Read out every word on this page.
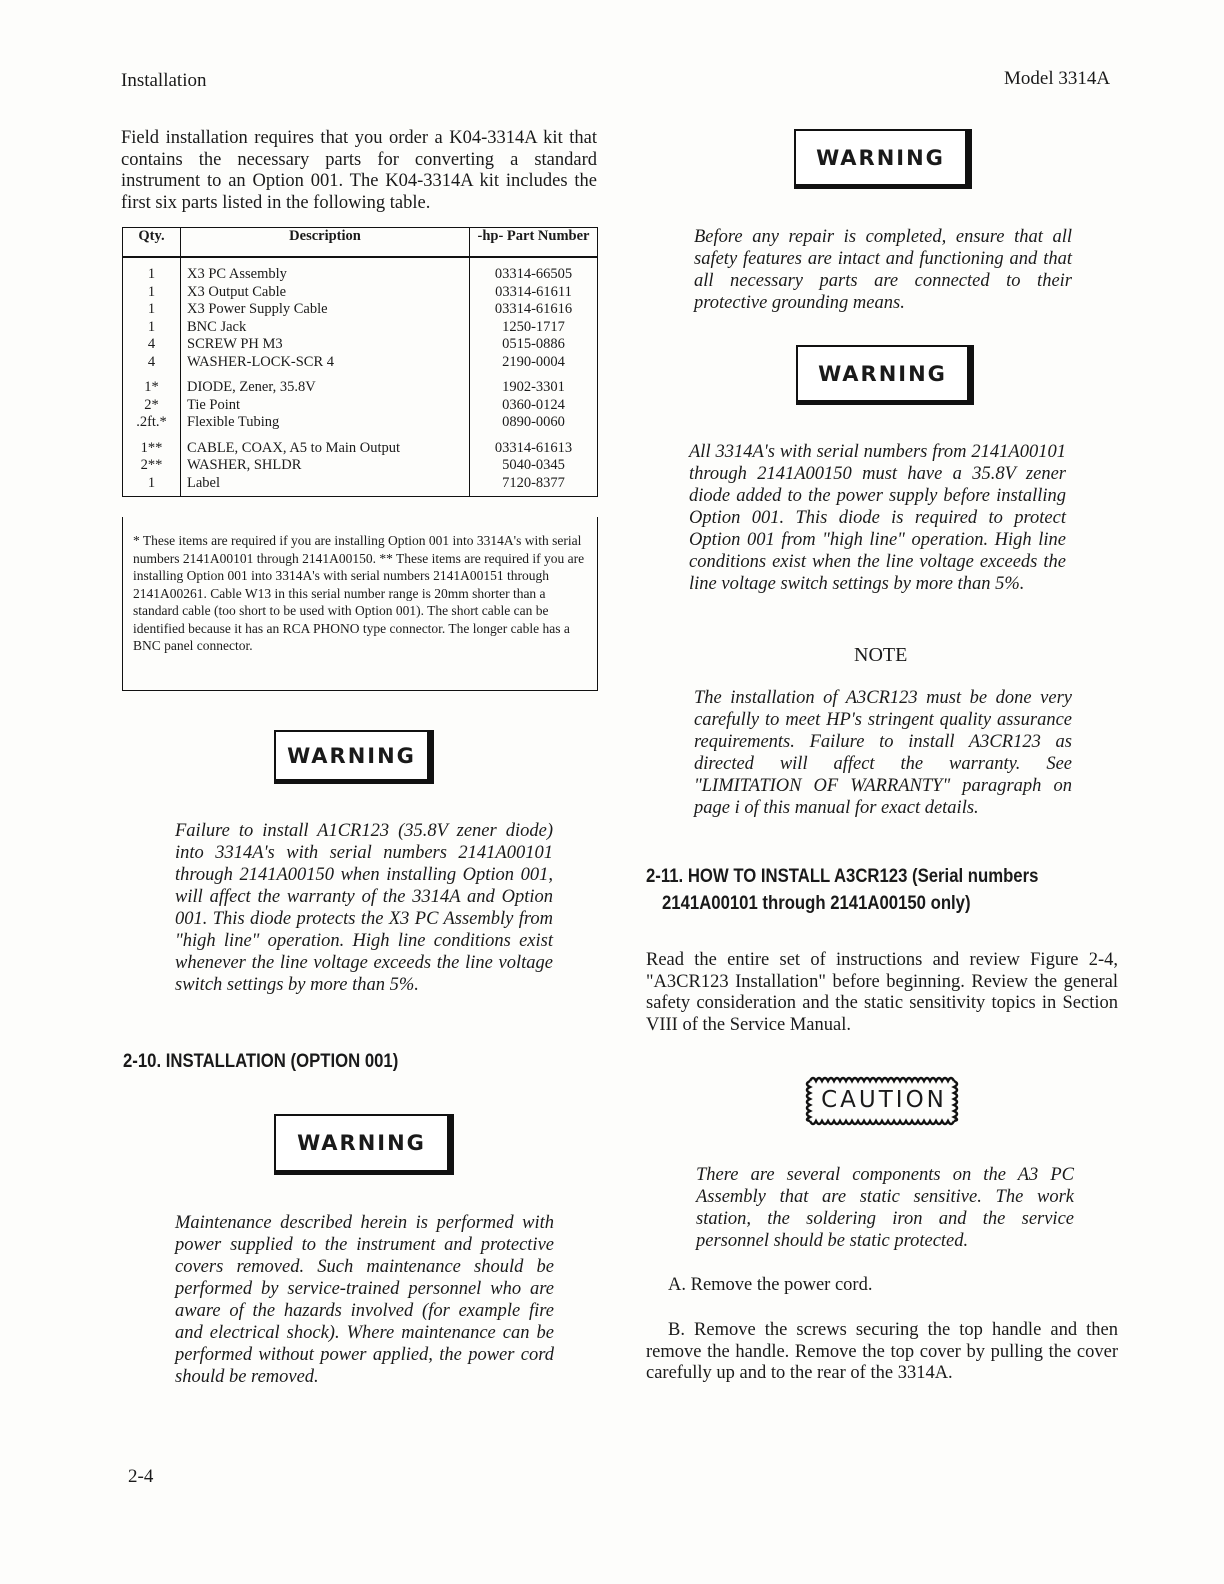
Installation	Model 3314A
Field installation requires that you order a K04-3314A kit that contains the necessary parts for converting a standard instrument to an Option 001. The K04-3314A kit includes the first six parts listed in the following table.
Qty.	Description	-hp- Part Number
1	X3 PC Assembly	03314-66505
1	X3 Output Cable	03314-61611
1	X3 Power Supply Cable	03314-61616
1	BNC Jack	1250-1717
4	SCREW PH M3	0515-0886
4	WASHER-LOCK-SCR 4	2190-0004
1*	DIODE, Zener, 35.8V	1902-3301
2*	Tie Point	0360-0124
.2ft.*	Flexible Tubing	0890-0060
1**	CABLE, COAX, A5 to Main Output	03314-61613
2**	WASHER, SHLDR	5040-0345
1	Label	7120-8377
* These items are required if you are installing Option 001 into 3314A's with serial numbers 2141A00101 through 2141A00150. ** These items are required if you are installing Option 001 into 3314A's with serial numbers 2141A00151 through 2141A00261. Cable W13 in this serial number range is 20mm shorter than a standard cable (too short to be used with Option 001). The short cable can be identified because it has an RCA PHONO type connector. The longer cable has a BNC panel connector.
WARNING
Failure to install A1CR123 (35.8V zener diode) into 3314A's with serial numbers 2141A00101 through 2141A00150 when installing Option 001, will affect the warranty of the 3314A and Option 001. This diode protects the X3 PC Assembly from "high line" operation. High line conditions exist whenever the line voltage exceeds the line voltage switch settings by more than 5%.
2-10. INSTALLATION (OPTION 001)
WARNING
Maintenance described herein is performed with power supplied to the instrument and protective covers removed. Such maintenance should be performed by service-trained personnel who are aware of the hazards involved (for example fire and electrical shock). Where maintenance can be performed without power applied, the power cord should be removed.
WARNING
Before any repair is completed, ensure that all safety features are intact and functioning and that all necessary parts are connected to their protective grounding means.
WARNING
All 3314A's with serial numbers from 2141A00101 through 2141A00150 must have a 35.8V zener diode added to the power supply before installing Option 001. This diode is required to protect Option 001 from "high line" operation. High line conditions exist when the line voltage exceeds the line voltage switch settings by more than 5%.
NOTE
The installation of A3CR123 must be done very carefully to meet HP's stringent quality assurance requirements. Failure to install A3CR123 as directed will affect the warranty. See "LIMITATION OF WARRANTY" paragraph on page i of this manual for exact details.
2-11. HOW TO INSTALL A3CR123 (Serial numbers
2141A00101 through 2141A00150 only)
Read the entire set of instructions and review Figure 2-4, "A3CR123 Installation" before beginning. Review the general safety consideration and the static sensitivity topics in Section VIII of the Service Manual.
CAUTION
There are several components on the A3 PC Assembly that are static sensitive. The work station, the soldering iron and the service personnel should be static protected.
A. Remove the power cord.
B. Remove the screws securing the top handle and then remove the handle. Remove the top cover by pulling the cover carefully up and to the rear of the 3314A.
2-4
